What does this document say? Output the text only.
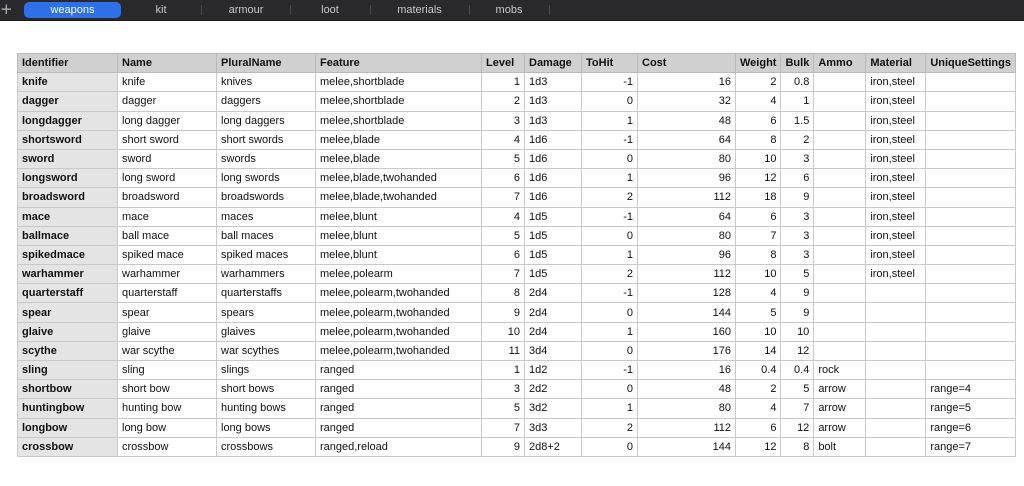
+	weapons	kit	armour	loot	materials	mobs
Identifier	Name	PluralName	Feature	Level	Damage	ToHit	Cost	Weight	Bulk	Ammo	Material	UniqueSettings
knife	knife	knives	melee,shortblade	1	1d3	-1	16	2	0.8		iron,steel	
dagger	dagger	daggers	melee,shortblade	2	1d3	0	32	4	1		iron,steel	
longdagger	long dagger	long daggers	melee,shortblade	3	1d3	1	48	6	1.5		iron,steel	
shortsword	short sword	short swords	melee,blade	4	1d6	-1	64	8	2		iron,steel	
sword	sword	swords	melee,blade	5	1d6	0	80	10	3		iron,steel	
longsword	long sword	long swords	melee,blade,twohanded	6	1d6	1	96	12	6		iron,steel	
broadsword	broadsword	broadswords	melee,blade,twohanded	7	1d6	2	112	18	9		iron,steel	
mace	mace	maces	melee,blunt	4	1d5	-1	64	6	3		iron,steel	
ballmace	ball mace	ball maces	melee,blunt	5	1d5	0	80	7	3		iron,steel	
spikedmace	spiked mace	spiked maces	melee,blunt	6	1d5	1	96	8	3		iron,steel	
warhammer	warhammer	warhammers	melee,polearm	7	1d5	2	112	10	5		iron,steel	
quarterstaff	quarterstaff	quarterstaffs	melee,polearm,twohanded	8	2d4	-1	128	4	9			
spear	spear	spears	melee,polearm,twohanded	9	2d4	0	144	5	9			
glaive	glaive	glaives	melee,polearm,twohanded	10	2d4	1	160	10	10			
scythe	war scythe	war scythes	melee,polearm,twohanded	11	3d4	0	176	14	12			
sling	sling	slings	ranged	1	1d2	-1	16	0.4	0.4	rock		
shortbow	short bow	short bows	ranged	3	2d2	0	48	2	5	arrow		range=4
huntingbow	hunting bow	hunting bows	ranged	5	3d2	1	80	4	7	arrow		range=5
longbow	long bow	long bows	ranged	7	3d3	2	112	6	12	arrow		range=6
crossbow	crossbow	crossbows	ranged,reload	9	2d8+2	0	144	12	8	bolt		range=7
